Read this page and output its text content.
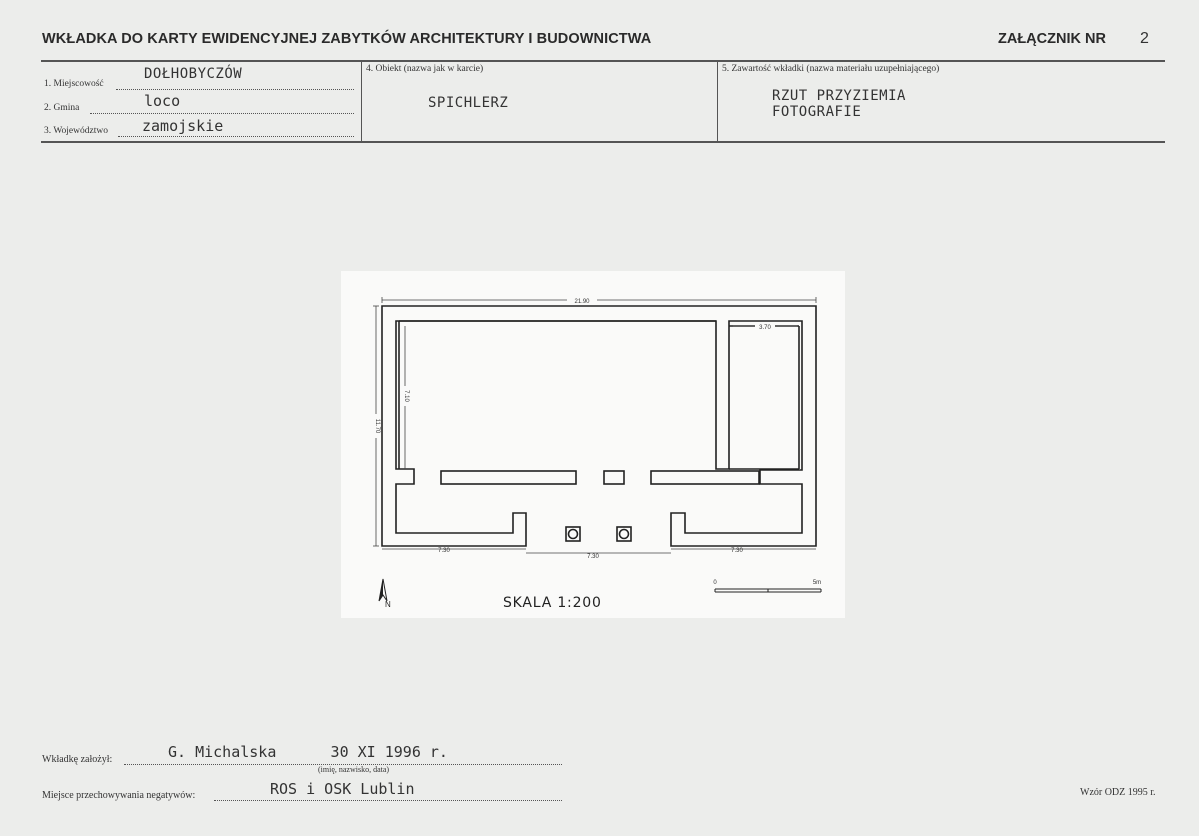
WKŁADKA DO KARTY EWIDENCYJNEJ ZABYTKÓW ARCHITEKTURY I BUDOWNICTWA	ZAŁĄCZNIK NR 2
1. Miejscowość
DOŁHOBYCZÓW
2. Gmina	loco
3. Województwo zamojskie
4. Obiekt (nazwa jak w karcie)
SPICHLERZ
5. Zawartość wkładki (nazwa materiału uzupełniającego)
RZUT PRZYZIEMIA
FOTOGRAFIE
21.90
3.70
7.10
11.70
7.30
7.30
7.30
N	SKALA 1:200
0	5m
Wkładkę założył:	G. Michalska      30 XI 1996 r.
(imię, nazwisko, data)
Miejsce przechowywania negatywów:	ROS i OSK Lublin	Wzór ODZ 1995 r.
